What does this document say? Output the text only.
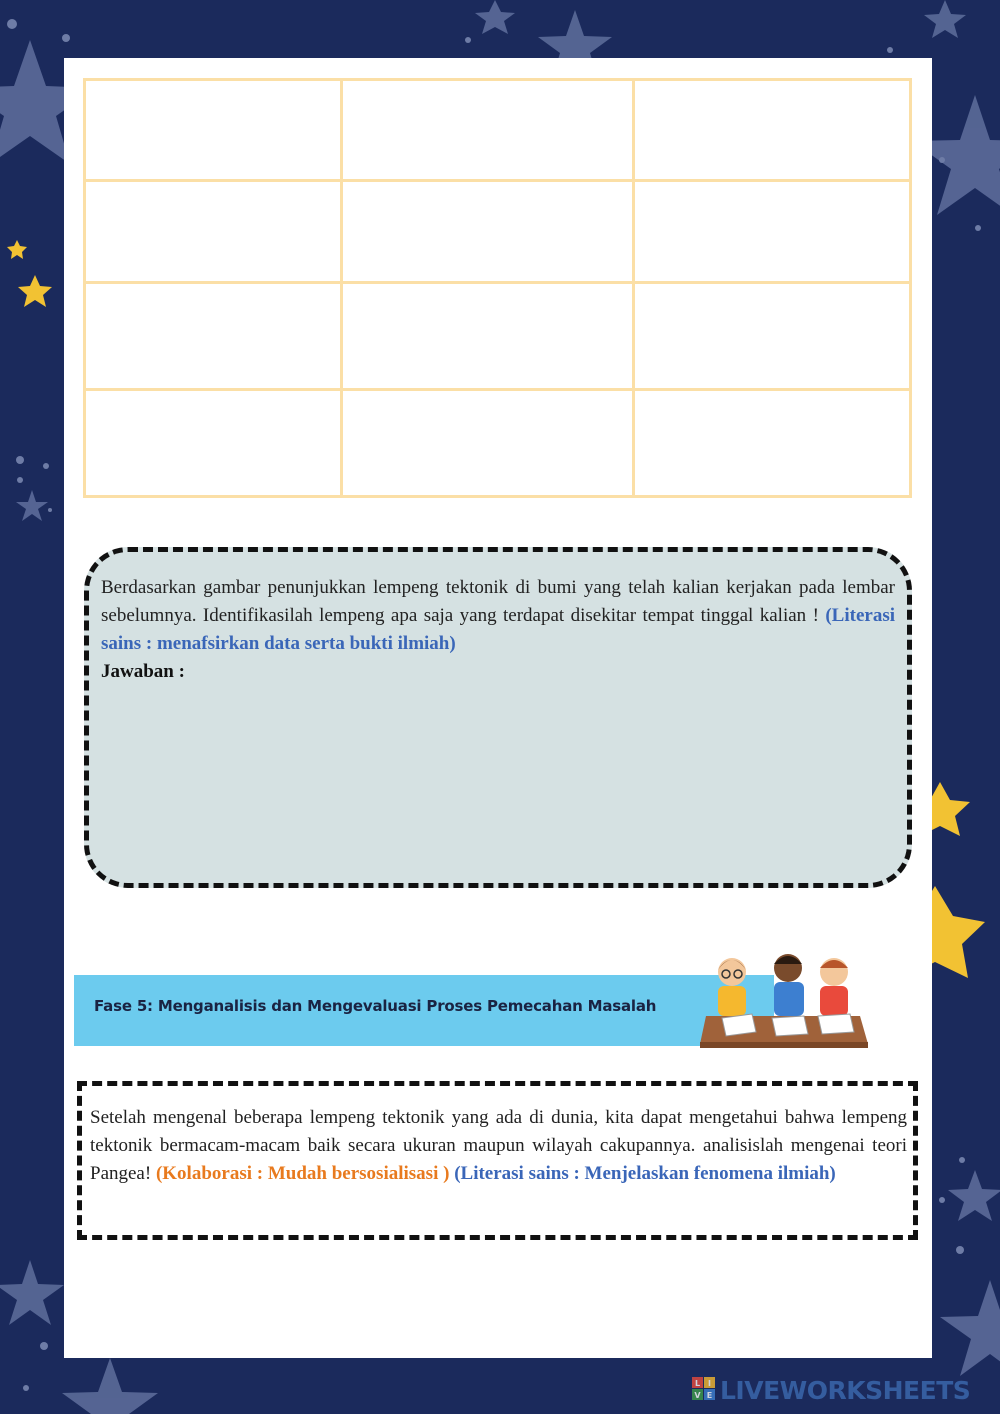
Berdasarkan gambar penunjukkan lempeng tektonik di bumi yang telah kalian kerjakan pada lembar sebelumnya. Identifikasilah lempeng apa saja yang terdapat disekitar tempat tinggal kalian ! (Literasi sains : menafsirkan data serta bukti ilmiah)
Jawaban :
Fase 5: Menganalisis dan Mengevaluasi Proses Pemecahan Masalah
Setelah mengenal beberapa lempeng tektonik yang ada di dunia, kita dapat mengetahui bahwa lempeng tektonik bermacam-macam baik secara ukuran maupun wilayah cakupannya. analisislah mengenai teori Pangea! (Kolaborasi : Mudah bersosialisasi ) (Literasi sains : Menjelaskan fenomena ilmiah)
L I
V E LIVEWORKSHEETS
